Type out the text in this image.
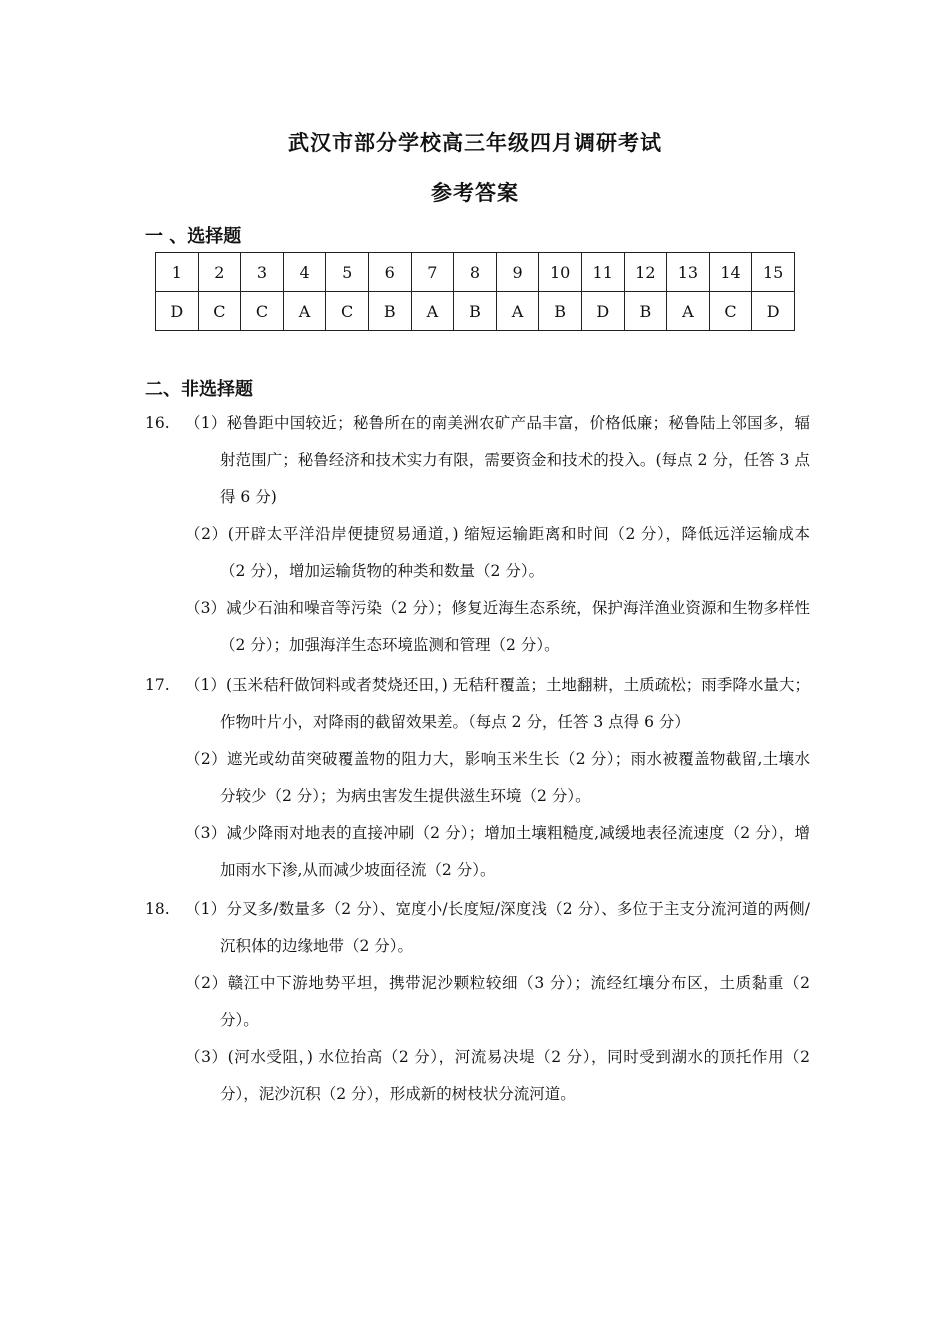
武汉市部分学校高三年级四月调研考试
参考答案
一 、选择题
1	2	3	4	5	6	7	8	9	10	11	12	13	14	15
D	C	C	A	C	B	A	B	A	B	D	B	A	C	D
二、非选择题
16. （1）秘鲁距中国较近；秘鲁所在的南美洲农矿产品丰富，价格低廉；秘鲁陆上邻国多，辐射范围广；秘鲁经济和技术实力有限，需要资金和技术的投入。(每点 2 分，任答 3 点得 6 分)
（2）(开辟太平洋沿岸便捷贸易通道，) 缩短运输距离和时间（2 分），降低远洋运输成本（2 分），增加运输货物的种类和数量（2 分）。
（3）减少石油和噪音等污染（2 分）；修复近海生态系统，保护海洋渔业资源和生物多样性（2 分）；加强海洋生态环境监测和管理（2 分）。
17. （1）(玉米秸秆做饲料或者焚烧还田，) 无秸秆覆盖；土地翻耕，土质疏松；雨季降水量大；作物叶片小，对降雨的截留效果差。（每点 2 分，任答 3 点得 6 分）
（2）遮光或幼苗突破覆盖物的阻力大，影响玉米生长（2 分）；雨水被覆盖物截留,土壤水分较少（2 分）；为病虫害发生提供滋生环境（2 分）。
（3）减少降雨对地表的直接冲刷（2 分）；增加土壤粗糙度,减缓地表径流速度（2 分），增加雨水下渗,从而减少坡面径流（2 分）。
18. （1）分叉多/数量多（2 分）、宽度小/长度短/深度浅（2 分）、多位于主支分流河道的两侧/沉积体的边缘地带（2 分）。
（2）赣江中下游地势平坦，携带泥沙颗粒较细（3 分）；流经红壤分布区，土质黏重（2 分）。
（3）(河水受阻，) 水位抬高（2 分），河流易决堤（2 分），同时受到湖水的顶托作用（2 分），泥沙沉积（2 分），形成新的树枝状分流河道。
